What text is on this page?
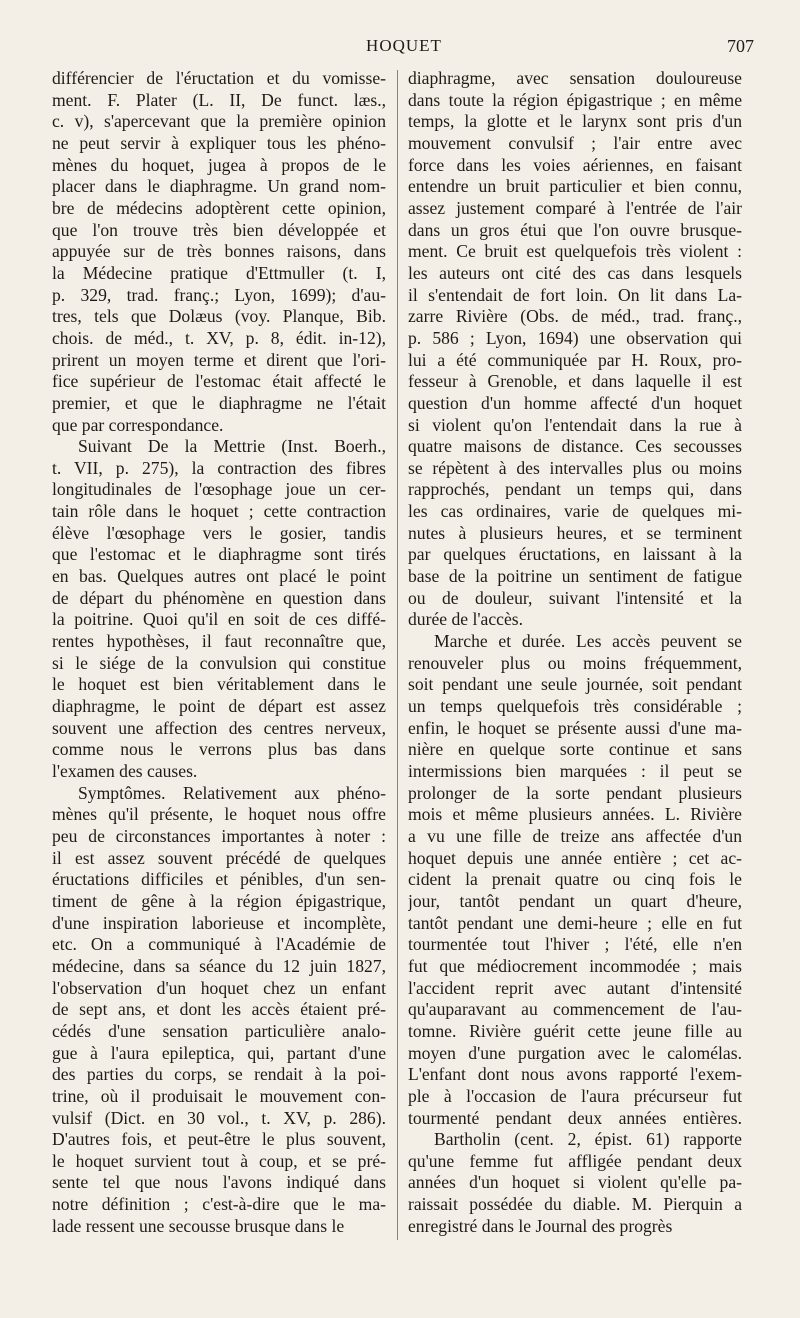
HOQUET	707
différencier de l'éructation et du vomisse-
ment. F. Plater (L. II, De funct. læs.,
c. v), s'apercevant que la première opinion
ne peut servir à expliquer tous les phéno-
mènes du hoquet, jugea à propos de le
placer dans le diaphragme. Un grand nom-
bre de médecins adoptèrent cette opinion,
que l'on trouve très bien développée et
appuyée sur de très bonnes raisons, dans
la Médecine pratique d'Ettmuller (t. I,
p. 329, trad. franç.; Lyon, 1699); d'au-
tres, tels que Dolæus (voy. Planque, Bib.
chois. de méd., t. XV, p. 8, édit. in-12),
prirent un moyen terme et dirent que l'ori-
fice supérieur de l'estomac était affecté le
premier, et que le diaphragme ne l'était
que par correspondance.
Suivant De la Mettrie (Inst. Boerh.,
t. VII, p. 275), la contraction des fibres
longitudinales de l'œsophage joue un cer-
tain rôle dans le hoquet ; cette contraction
élève l'œsophage vers le gosier, tandis
que l'estomac et le diaphragme sont tirés
en bas. Quelques autres ont placé le point
de départ du phénomène en question dans
la poitrine. Quoi qu'il en soit de ces diffé-
rentes hypothèses, il faut reconnaître que,
si le siége de la convulsion qui constitue
le hoquet est bien véritablement dans le
diaphragme, le point de départ est assez
souvent une affection des centres nerveux,
comme nous le verrons plus bas dans
l'examen des causes.
Symptômes. Relativement aux phéno-
mènes qu'il présente, le hoquet nous offre
peu de circonstances importantes à noter :
il est assez souvent précédé de quelques
éructations difficiles et pénibles, d'un sen-
timent de gêne à la région épigastrique,
d'une inspiration laborieuse et incomplète,
etc. On a communiqué à l'Académie de
médecine, dans sa séance du 12 juin 1827,
l'observation d'un hoquet chez un enfant
de sept ans, et dont les accès étaient pré-
cédés d'une sensation particulière analo-
gue à l'aura epileptica, qui, partant d'une
des parties du corps, se rendait à la poi-
trine, où il produisait le mouvement con-
vulsif (Dict. en 30 vol., t. XV, p. 286).
D'autres fois, et peut-être le plus souvent,
le hoquet survient tout à coup, et se pré-
sente tel que nous l'avons indiqué dans
notre définition ; c'est-à-dire que le ma-
lade ressent une secousse brusque dans le
diaphragme, avec sensation douloureuse
dans toute la région épigastrique ; en même
temps, la glotte et le larynx sont pris d'un
mouvement convulsif ; l'air entre avec
force dans les voies aériennes, en faisant
entendre un bruit particulier et bien connu,
assez justement comparé à l'entrée de l'air
dans un gros étui que l'on ouvre brusque-
ment. Ce bruit est quelquefois très violent :
les auteurs ont cité des cas dans lesquels
il s'entendait de fort loin. On lit dans La-
zarre Rivière (Obs. de méd., trad. franç.,
p. 586 ; Lyon, 1694) une observation qui
lui a été communiquée par H. Roux, pro-
fesseur à Grenoble, et dans laquelle il est
question d'un homme affecté d'un hoquet
si violent qu'on l'entendait dans la rue à
quatre maisons de distance. Ces secousses
se répètent à des intervalles plus ou moins
rapprochés, pendant un temps qui, dans
les cas ordinaires, varie de quelques mi-
nutes à plusieurs heures, et se terminent
par quelques éructations, en laissant à la
base de la poitrine un sentiment de fatigue
ou de douleur, suivant l'intensité et la
durée de l'accès.
Marche et durée. Les accès peuvent se
renouveler plus ou moins fréquemment,
soit pendant une seule journée, soit pendant
un temps quelquefois très considérable ;
enfin, le hoquet se présente aussi d'une ma-
nière en quelque sorte continue et sans
intermissions bien marquées : il peut se
prolonger de la sorte pendant plusieurs
mois et même plusieurs années. L. Rivière
a vu une fille de treize ans affectée d'un
hoquet depuis une année entière ; cet ac-
cident la prenait quatre ou cinq fois le
jour, tantôt pendant un quart d'heure,
tantôt pendant une demi-heure ; elle en fut
tourmentée tout l'hiver ; l'été, elle n'en
fut que médiocrement incommodée ; mais
l'accident reprit avec autant d'intensité
qu'auparavant au commencement de l'au-
tomne. Rivière guérit cette jeune fille au
moyen d'une purgation avec le calomélas.
L'enfant dont nous avons rapporté l'exem-
ple à l'occasion de l'aura précurseur fut
tourmenté pendant deux années entières.
Bartholin (cent. 2, épist. 61) rapporte
qu'une femme fut affligée pendant deux
années d'un hoquet si violent qu'elle pa-
raissait possédée du diable. M. Pierquin a
enregistré dans le Journal des progrès
